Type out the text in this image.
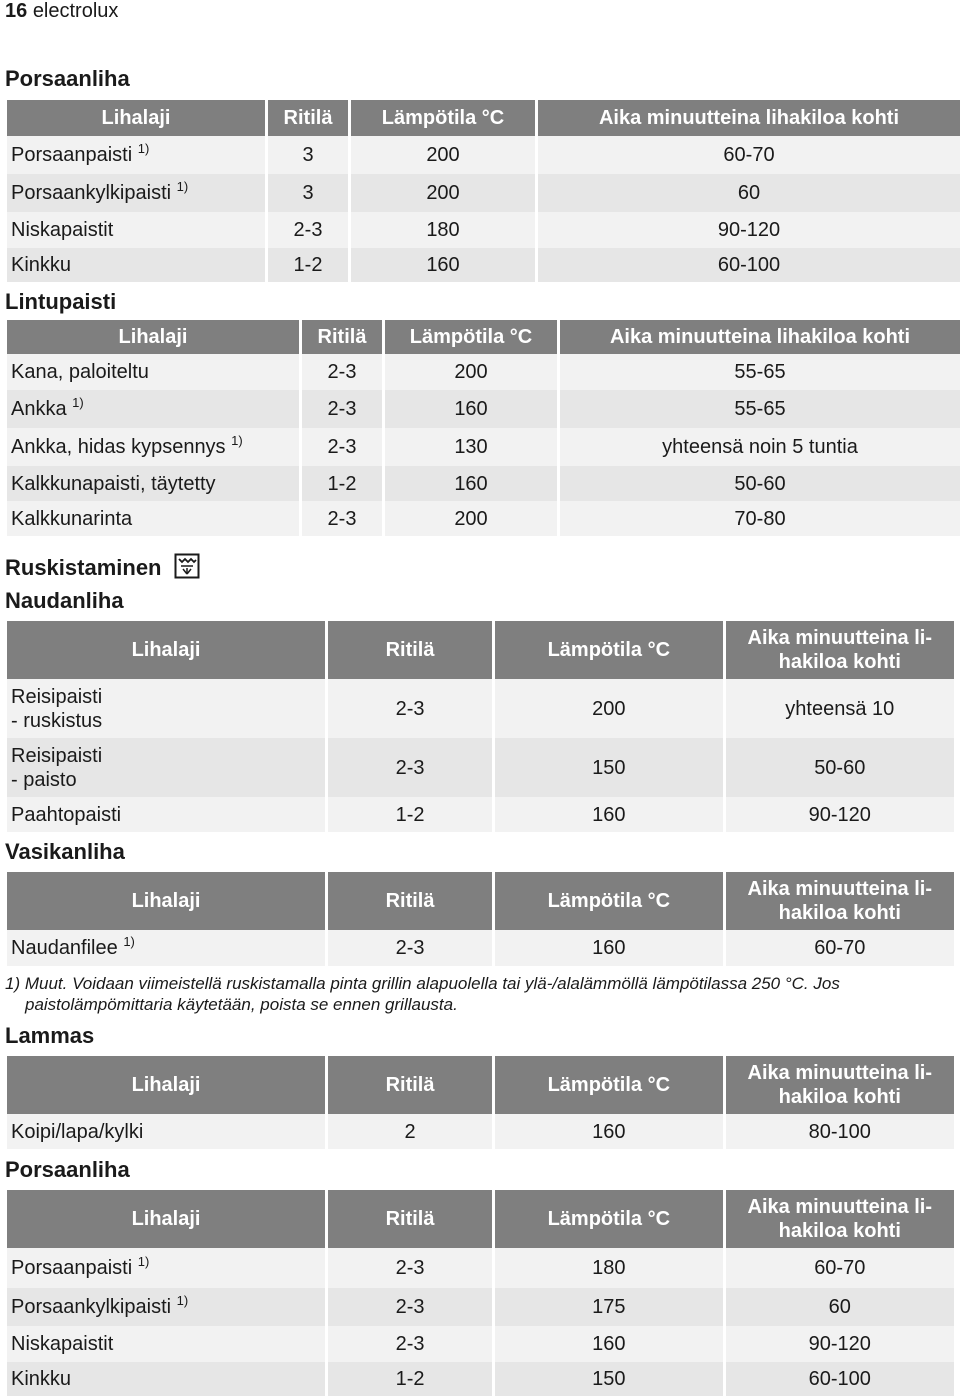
16 electrolux
Porsaanliha
Lihalaji	Ritilä	Lämpötila °C	Aika minuutteina lihakiloa kohti
Porsaanpaisti $^{1)}$	3	200	60-70
Porsaankylkipaisti $^{1)}$	3	200	60
Niskapaistit	2-3	180	90-120
Kinkku	1-2	160	60-100
Lintupaisti
Lihalaji	Ritilä	Lämpötila °C	Aika minuutteina lihakiloa kohti
Kana, paloiteltu	2-3	200	55-65
Ankka $^{1)}$	2-3	160	55-65
Ankka, hidas kypsennys $^{1)}$	2-3	130	yhteensä noin 5 tuntia
Kalkkunapaisti, täytetty	1-2	160	50-60
Kalkkunarinta	2-3	200	70-80
Ruskistaminen
Naudanliha
Lihalaji	Ritilä	Lämpötila °C	Aika minuutteina li-
hakiloa kohti
Reisipaisti
- ruskistus	2-3	200	yhteensä 10
Reisipaisti
- paisto	2-3	150	50-60
Paahtopaisti	1-2	160	90-120
Vasikanliha
Lihalaji	Ritilä	Lämpötila °C	Aika minuutteina li-
hakiloa kohti
Naudanfilee $^{1)}$	2-3	160	60-70
1) Muut. Voidaan viimeistellä ruskistamalla pinta grillin alapuolella tai ylä-/alalämmöllä lämpötilassa 250 °C. Jos
paistolämpömittaria käytetään, poista se ennen grillausta.
Lammas
Lihalaji	Ritilä	Lämpötila °C	Aika minuutteina li-
hakiloa kohti
Koipi/lapa/kylki	2	160	80-100
Porsaanliha
Lihalaji	Ritilä	Lämpötila °C	Aika minuutteina li-
hakiloa kohti
Porsaanpaisti $^{1)}$	2-3	180	60-70
Porsaankylkipaisti $^{1)}$	2-3	175	60
Niskapaistit	2-3	160	90-120
Kinkku	1-2	150	60-100
